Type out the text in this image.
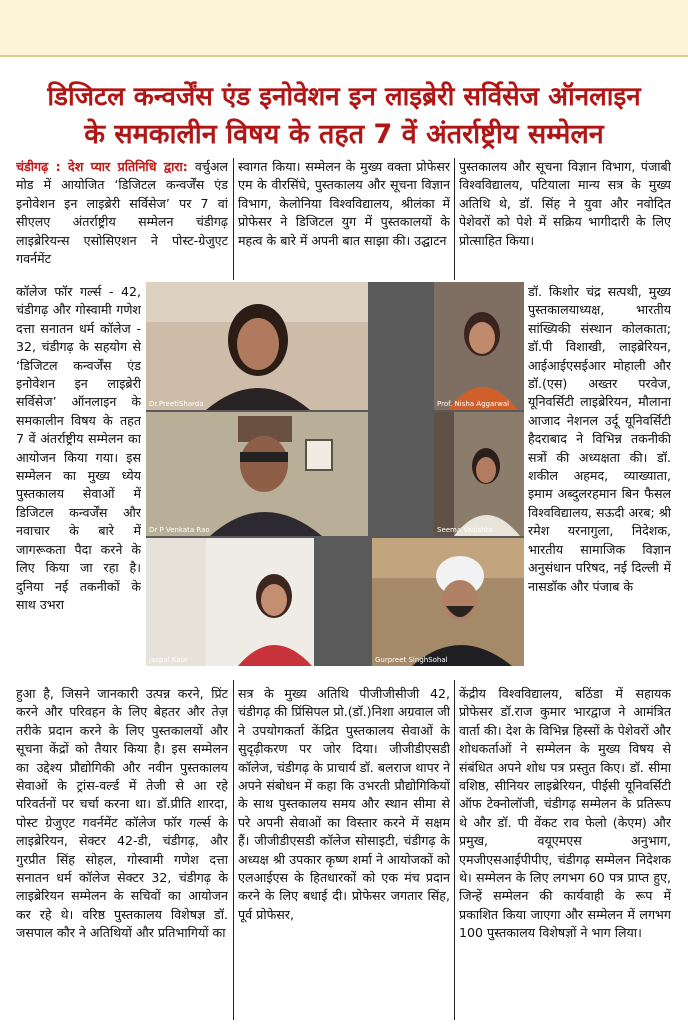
डिजिटल कन्वर्जेंस एंड इनोवेशन इन लाइब्रेरी सर्विसेज ऑनलाइन
के समकालीन विषय के तहत 7 वें अंतर्राष्ट्रीय सम्मेलन

चंडीगढ़ : देश प्यार प्रतिनिधि द्वारा: वर्चुअल मोड में आयोजित ‘डिजिटल कन्वर्जेंस एंड इनोवेशन इन लाइब्रेरी सर्विसेज’ पर 7 वां सीएलए अंतर्राष्ट्रीय सम्मेलन चंडीगढ़ लाइब्रेरियन्स एसोसिएशन ने पोस्ट-ग्रेजुएट गवर्नमेंट

कॉलेज फॉर गर्ल्स - 42, चंडीगढ़ और गोस्वामी गणेश दत्ता सनातन धर्म कॉलेज - 32, चंडीगढ़ के सहयोग से ‘डिजिटल कन्वर्जेंस एंड इनोवेशन इन लाइब्रेरी सर्विसेज’ ऑनलाइन के समकालीन विषय के तहत 7 वें अंतर्राष्ट्रीय सम्मेलन का आयोजन किया गया। इस सम्मेलन का मुख्य ध्येय पुस्तकालय सेवाओं में डिजिटल कन्वर्जेंस और नवाचार के बारे में जागरूकता पैदा करने के लिए किया जा रहा है। दुनिया नई तकनीकों के साथ उभरा

हुआ है, जिसने जानकारी उत्पन्न करने, प्रिंट करने और परिवहन के लिए बेहतर और तेज़ तरीके प्रदान करने के लिए पुस्तकालयों और सूचना केंद्रों को तैयार किया है। इस सम्मेलन का उद्देश्य प्रौद्योगिकी और नवीन पुस्तकालय सेवाओं के ट्रांस-वर्ल्ड में तेजी से आ रहे परिवर्तनों पर चर्चा करना था। डॉ.प्रीति शारदा, पोस्ट ग्रेजुएट गवर्नमेंट कॉलेज फॉर गर्ल्स के लाइब्रेरियन, सेक्टर 42-डी, चंडीगढ़, और गुरप्रीत सिंह सोहल, गोस्वामी गणेश दत्ता सनातन धर्म कॉलेज सेक्टर 32, चंडीगढ़ के लाइब्रेरियन सम्मेलन के सचिवों का आयोजन कर रहे थे। वरिष्ठ पुस्तकालय विशेषज्ञ डॉ. जसपाल कौर ने अतिथियों और प्रतिभागियों का

स्वागत किया। सम्मेलन के मुख्य वक्ता प्रोफेसर एम के वीरसिंघे, पुस्तकालय और सूचना विज्ञान विभाग, केलोनिया विश्वविद्यालय, श्रीलंका में प्रोफेसर ने डिजिटल युग में पुस्तकालयों के महत्व के बारे में अपनी बात साझा की। उद्घाटन

सत्र के मुख्य अतिथि पीजीजीसीजी 42, चंडीगढ़ की प्रिंसिपल प्रो.(डॉ.)निशा अग्रवाल जी ने उपयोगकर्ता केंद्रित पुस्तकालय सेवाओं के सुदृढ़ीकरण पर जोर दिया। जीजीडीएसडी कॉलेज, चंडीगढ़ के प्राचार्य डॉ. बलराज थापर ने अपने संबोधन में कहा कि उभरती प्रौद्योगिकियों के साथ पुस्तकालय समय और स्थान सीमा से परे अपनी सेवाओं का विस्तार करने में सक्षम हैं। जीजीडीएसडी कॉलेज सोसाइटी, चंडीगढ़ के अध्यक्ष श्री उपकार कृष्ण शर्मा ने आयोजकों को एलआईएस के हितधारकों को एक मंच प्रदान करने के लिए बधाई दी। प्रोफेसर जगतार सिंह, पूर्व प्रोफेसर,

पुस्तकालय और सूचना विज्ञान विभाग, पंजाबी विश्वविद्यालय, पटियाला मान्य सत्र के मुख्य अतिथि थे, डॉ. सिंह ने युवा और नवोदित पेशेवरों को पेशे में सक्रिय भागीदारी के लिए प्रोत्साहित किया।

डॉ. किशोर चंद्र सत्पथी, मुख्य पुस्तकालयाध्यक्ष, भारतीय सांख्यिकी संस्थान कोलकाता; डॉ.पी विशाखी, लाइब्रेरियन, आईआईएसईआर मोहाली और डॉ.(एस) अख्तर परवेज, यूनिवर्सिटी लाइब्रेरियन, मौलाना आजाद नेशनल उर्दू यूनिवर्सिटी हैदराबाद ने विभिन्न तकनीकी सत्रों की अध्यक्षता की। डॉ. शकील अहमद, व्याख्याता, इमाम अब्दुलरहमान बिन फैसल विश्वविद्यालय, सऊदी अरब; श्री रमेश यरनागुला, निदेशक, भारतीय सामाजिक विज्ञान अनुसंधान परिषद, नई दिल्ली में नासडॉक और पंजाब के

केंद्रीय विश्वविद्यालय, बठिंडा में सहायक प्रोफेसर डॉ.राज कुमार भारद्वाज ने आमंत्रित वार्ता की। देश के विभिन्न हिस्सों के पेशेवरों और शोधकर्ताओं ने सम्मेलन के मुख्य विषय से संबंधित अपने शोध पत्र प्रस्तुत किए। डॉ. सीमा वशिष्ठ, सीनियर लाइब्रेरियन, पीईसी यूनिवर्सिटी ऑफ टेक्नोलॉजी, चंडीगढ़ सम्मेलन के प्रतिरूप थे और डॉ. पी वेंकट राव फेलो (केएम) और प्रमुख, वयूएमएस अनुभाग, एमजीएसआईपीपीए, चंडीगढ़ सम्मेलन निदेशक थे। सम्मेलन के लिए लगभग 60 पत्र प्राप्त हुए, जिन्हें सम्मेलन की कार्यवाही के रूप में प्रकाशित किया जाएगा और सम्मेलन में लगभग 100 पुस्तकालय विशेषज्ञों ने भाग लिया।

Dr.PreetiSharda	Prof. Nisha Aggarwal
Dr P Venkata Rao	Seema Vasishta
Jaspal Kaur	Gurpreet SinghSohal
